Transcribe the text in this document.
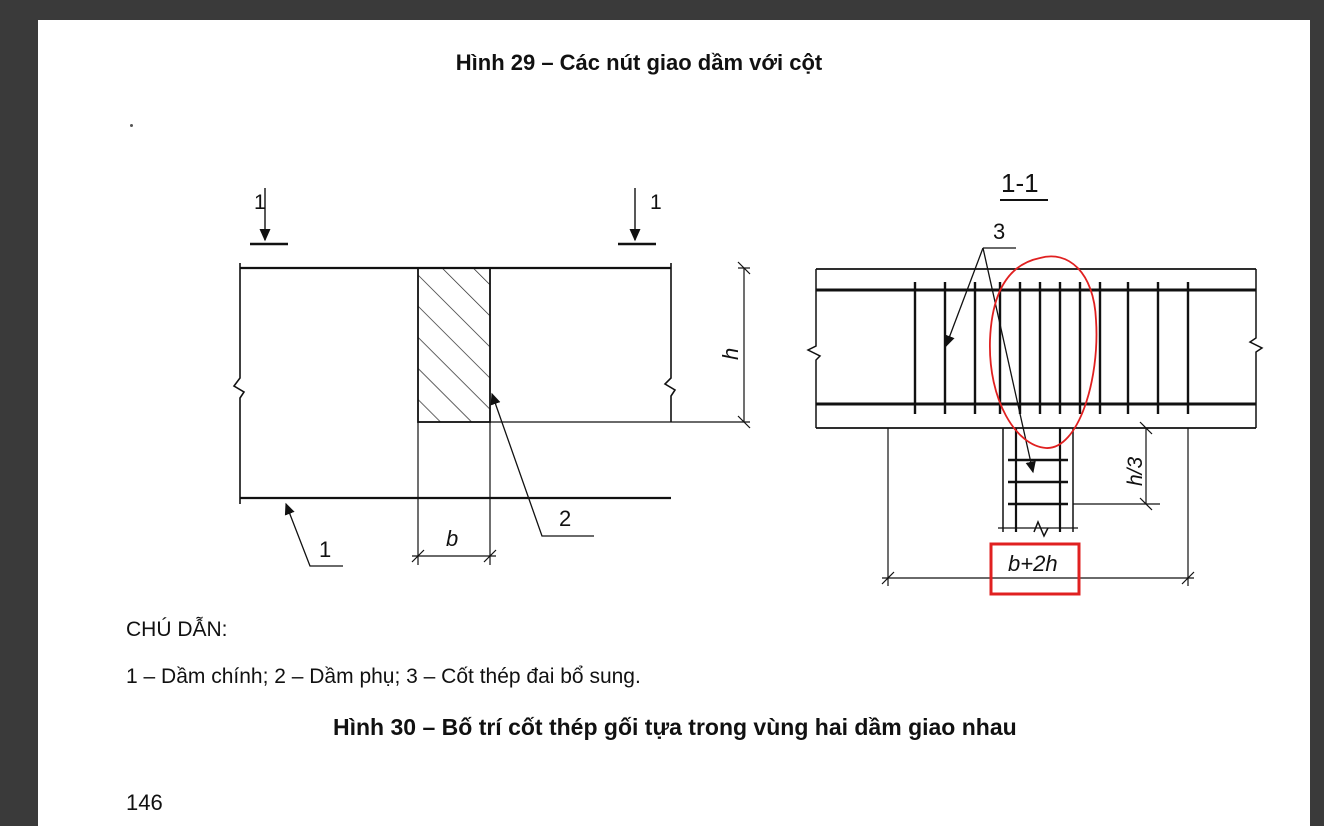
Hình 29 – Các nút giao dầm với cột
1	1
h
b
1
2
1-1
3
h/3
b+2h
CHÚ DẪN:
1 – Dầm chính; 2 – Dầm phụ; 3 – Cốt thép đai bổ sung.
Hình 30 – Bố trí cốt thép gối tựa trong vùng hai dầm giao nhau
146
